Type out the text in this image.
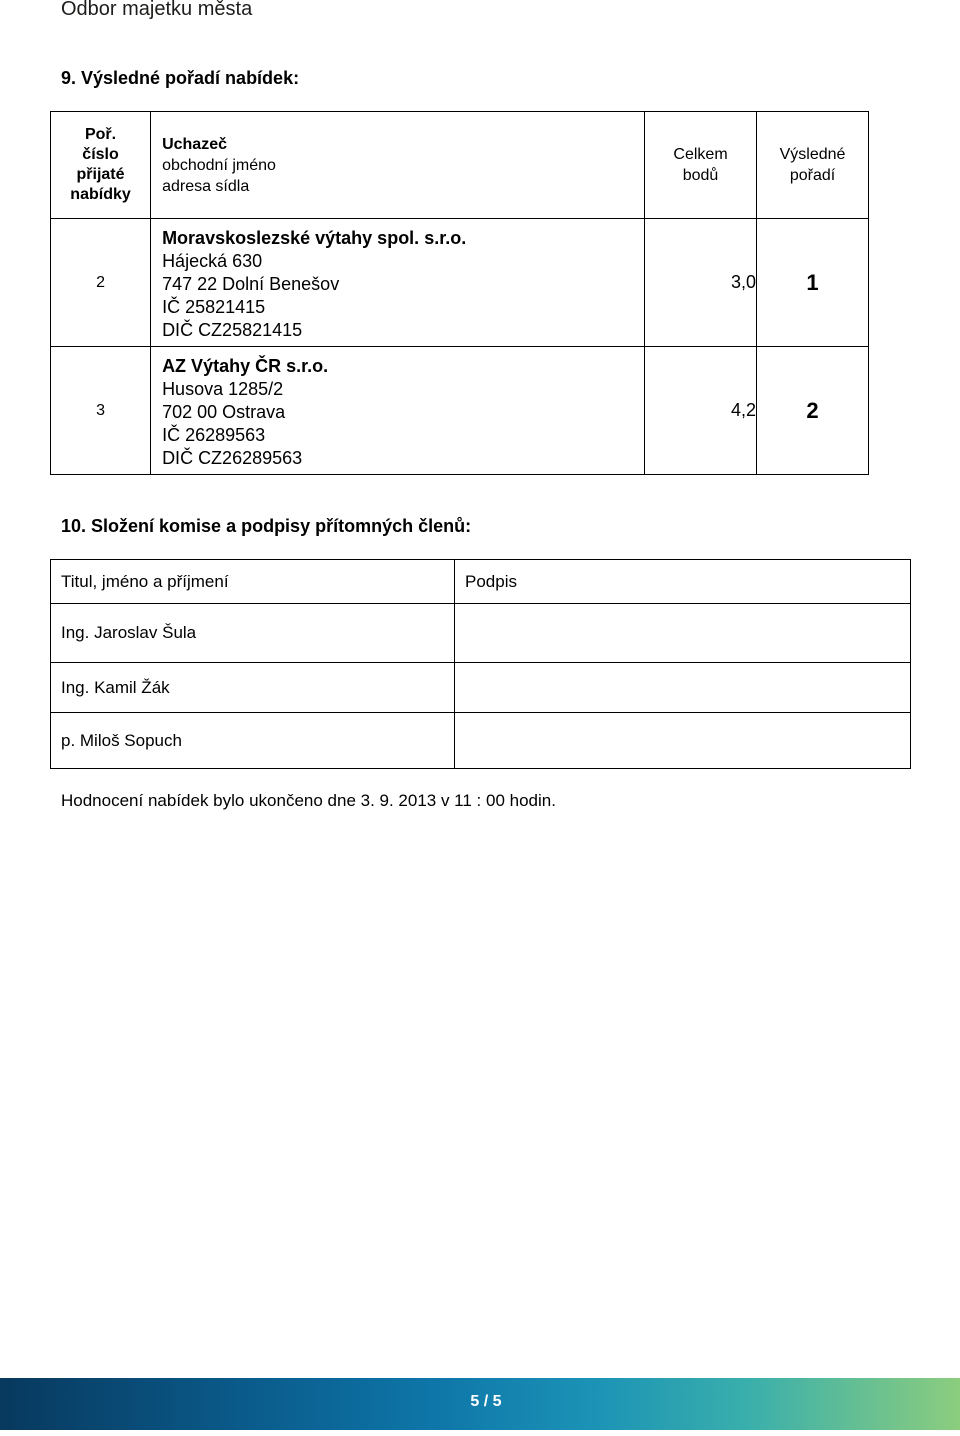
Odbor majetku města
9. Výsledné pořadí nabídek:
Poř.
číslo
přijaté
nabídky	Uchazeč
obchodní jméno
adresa sídla	Celkem
bodů	Výsledné
pořadí

2	Moravskoslezské výtahy spol. s.r.o.
Hájecká 630
747 22 Dolní Benešov
IČ 25821415
DIČ CZ25821415	3,0	1
3	AZ Výtahy ČR s.r.o.
Husova 1285/2
702 00 Ostrava
IČ 26289563
DIČ CZ26289563	4,2	2
10. Složení komise a podpisy přítomných členů:
Titul, jméno a příjmení	Podpis
Ing. Jaroslav Šula	
Ing. Kamil Žák	
p. Miloš Sopuch	
Hodnocení nabídek bylo ukončeno dne 3. 9. 2013 v 11 : 00 hodin.
5 / 5
